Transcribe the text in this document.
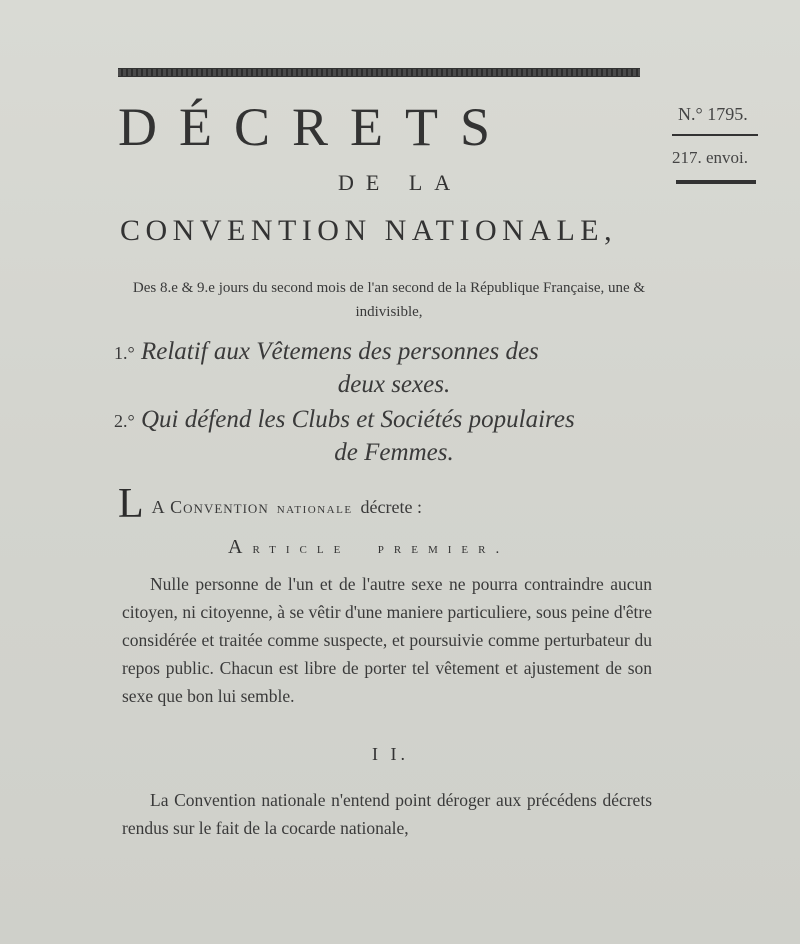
DÉCRETS	N.° 1795.
217. envoi.
DE LA
CONVENTION NATIONALE,
Des 8.e & 9.e jours du second mois de l'an second de la République Française, une & indivisible,
1.° Relatif aux Vêtemens des personnes des
deux sexes.
2.° Qui défend les Clubs et Sociétés populaires
de Femmes.
L A Convention nationale décrete :
Article premier.
Nulle personne de l'un et de l'autre sexe ne pourra contraindre aucun citoyen, ni citoyenne, à se vêtir d'une maniere particuliere, sous peine d'être considérée et traitée comme suspecte, et poursuivie comme perturbateur du repos public. Chacun est libre de porter tel vêtement et ajustement de son sexe que bon lui semble.
I I.
La Convention nationale n'entend point déroger aux précédens décrets rendus sur le fait de la cocarde nationale,
